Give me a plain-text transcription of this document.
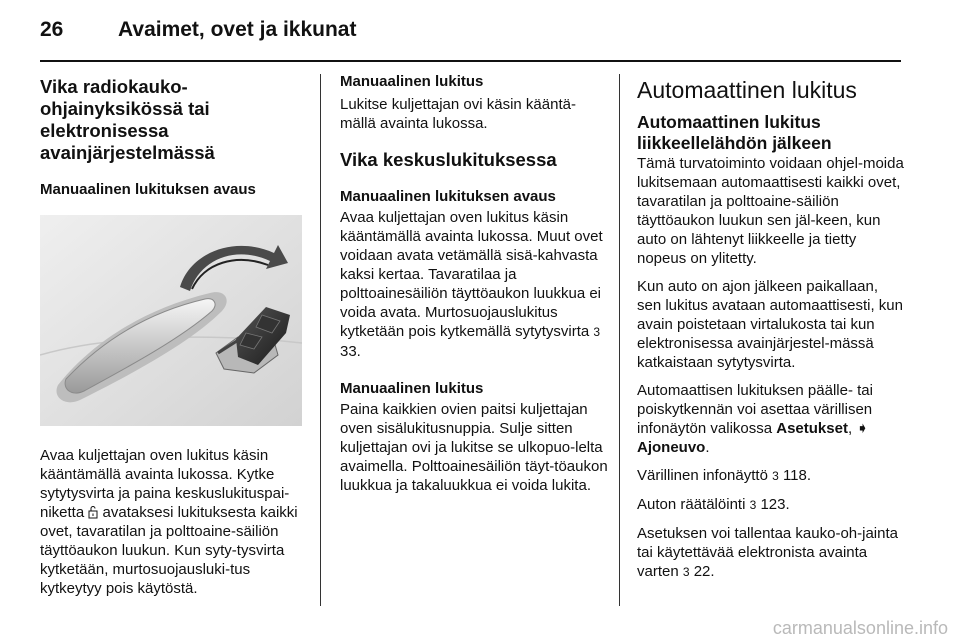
26	Avaimet, ovet ja ikkunat
Vika radiokauko-
ohjainyksikössä tai
elektronisessa
avainjärjestelmässä
Manuaalinen lukituksen avaus

Avaa kuljettajan oven lukitus käsin kääntämällä avainta lukossa. Kytke sytytysvirta ja paina keskuslukituspai-niketta  avataksesi lukituksesta kaikki ovet, tavaratilan ja polttoaine-säiliön täyttöaukon luukun. Kun syty-tysvirta kytketään, murtosuojausluki-tus kytkeytyy pois käytöstä.

Manuaalinen lukitus

Lukitse kuljettajan ovi käsin kääntä-mällä avainta lukossa.

Vika keskuslukituksessa
Manuaalinen lukituksen avaus

Avaa kuljettajan oven lukitus käsin kääntämällä avainta lukossa. Muut ovet voidaan avata vetämällä sisä-kahvasta kaksi kertaa. Tavaratilaa ja polttoainesäiliön täyttöaukon luukkua ei voida avata. Murtosuojauslukitus kytketään pois kytkemällä sytytysvirta 3 33.

Manuaalinen lukitus

Paina kaikkien ovien paitsi kuljettajan oven sisälukitusnuppia. Sulje sitten kuljettajan ovi ja lukitse se ulkopuo-lelta avaimella. Polttoainesäiliön täyt-töaukon luukkua ja takaluukkua ei voida lukita.

Automaattinen lukitus
Automaattinen lukitus
liikkeellelähdön jälkeen

Tämä turvatoiminto voidaan ohjel-moida lukitsemaan automaattisesti kaikki ovet, tavaratilan ja polttoaine-säiliön täyttöaukon luukun sen jäl-keen, kun auto on lähtenyt liikkeelle ja tietty nopeus on ylitetty.

Kun auto on ajon jälkeen paikallaan, sen lukitus avataan automaattisesti, kun avain poistetaan virtalukosta tai kun elektronisessa avainjärjestel-mässä katkaistaan sytytysvirta.

Automaattisen lukituksen päälle- tai poiskytkennän voi asettaa värillisen infonäytön valikossa Asetukset, ➧
Ajoneuvo.

Värillinen infonäyttö 3 118.

Auton räätälöinti 3 123.

Asetuksen voi tallentaa kauko-oh-jainta tai käytettävää elektronista avainta varten 3 22.

carmanualsonline.info
